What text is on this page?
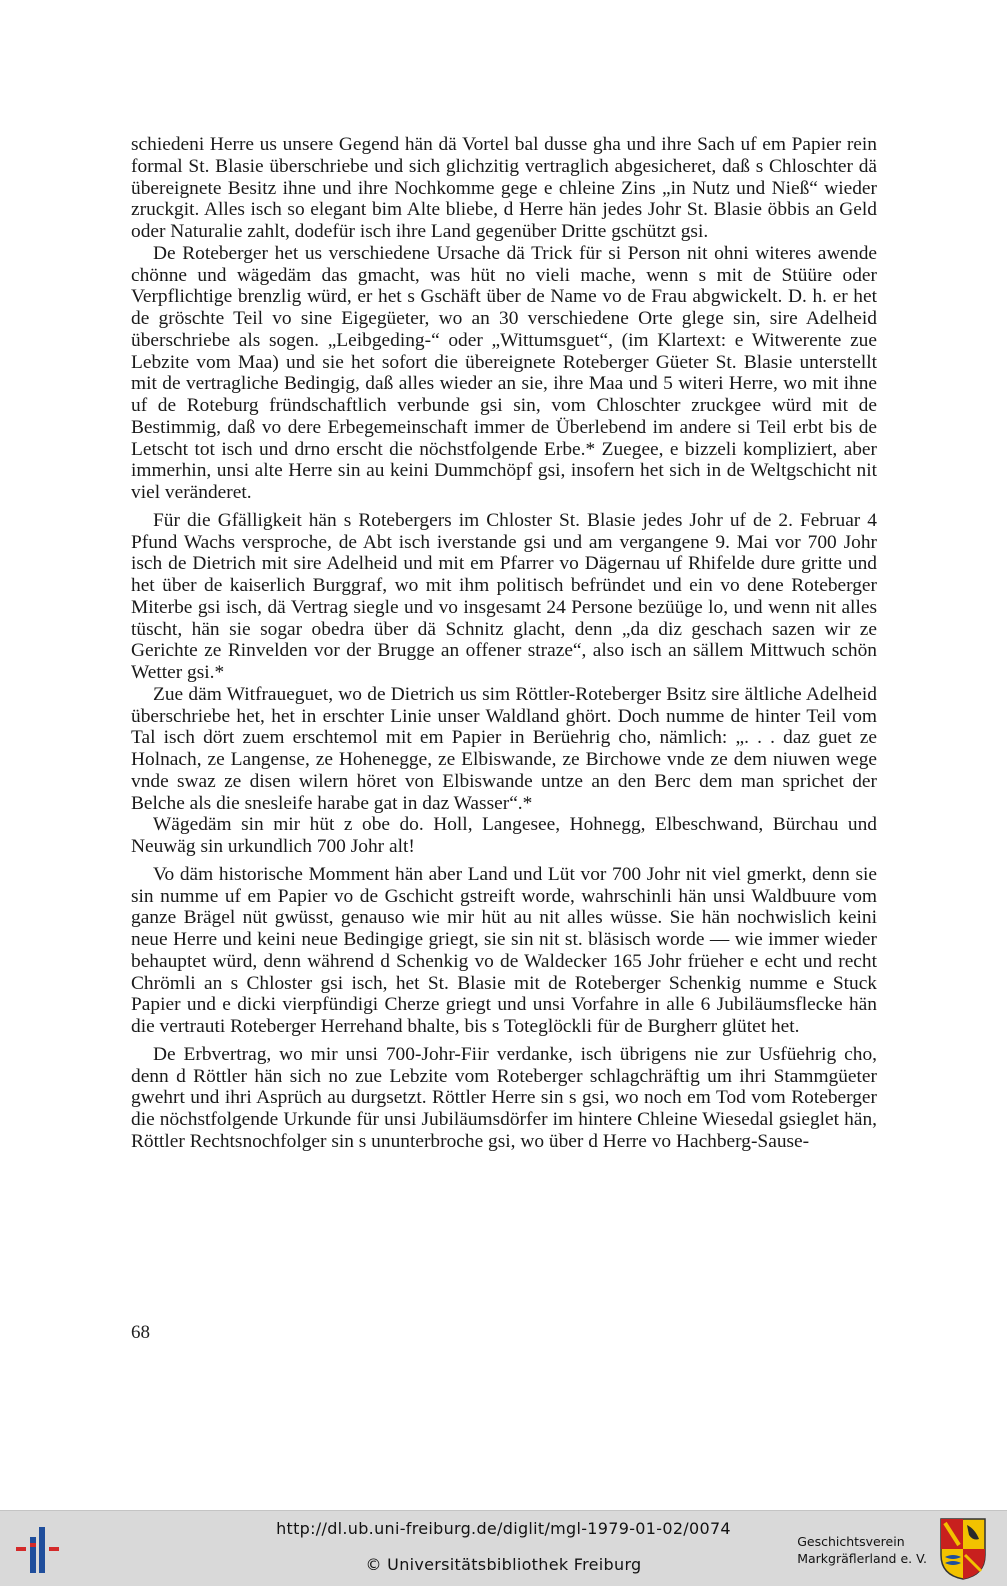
schiedeni Herre us unsere Gegend hän dä Vortel bal dusse gha und ihre Sach uf em Papier rein formal St. Blasie überschriebe und sich glichzitig vertraglich abgesicheret, daß s Chloschter dä übereignete Besitz ihne und ihre Nochkomme gege e chleine Zins „in Nutz und Nieß“ wieder zruckgit. Alles isch so elegant bim Alte bliebe, d Herre hän jedes Johr St. Blasie öbbis an Geld oder Naturalie zahlt, dodefür isch ihre Land gegenüber Dritte gschützt gsi.

De Roteberger het us verschiedene Ursache dä Trick für si Person nit ohni witeres awende chönne und wägedäm das gmacht, was hüt no vieli mache, wenn s mit de Stüüre oder Verpflichtige brenzlig würd, er het s Gschäft über de Name vo de Frau abgwickelt. D. h. er het de gröschte Teil vo sine Eigegüeter, wo an 30 verschiedene Orte glege sin, sire Adelheid überschriebe als sogen. „Leibgeding-“ oder „Wittumsguet“, (im Klartext: e Witwerente zue Lebzite vom Maa) und sie het sofort die übereignete Roteberger Güeter St. Blasie unterstellt mit de vertragliche Bedingig, daß alles wieder an sie, ihre Maa und 5 witeri Herre, wo mit ihne uf de Roteburg fründschaftlich verbunde gsi sin, vom Chloschter zruckgee würd mit de Bestimmig, daß vo dere Erbegemeinschaft immer de Überlebend im andere si Teil erbt bis de Letscht tot isch und drno erscht die nöchstfolgende Erbe.* Zuegee, e bizzeli kompliziert, aber immerhin, unsi alte Herre sin au keini Dummchöpf gsi, insofern het sich in de Weltgschicht nit viel veränderet.

Für die Gfälligkeit hän s Rotebergers im Chloster St. Blasie jedes Johr uf de 2. Februar 4 Pfund Wachs versproche, de Abt isch iverstande gsi und am vergangene 9. Mai vor 700 Johr isch de Dietrich mit sire Adelheid und mit em Pfarrer vo Dägernau uf Rhifelde dure gritte und het über de kaiserlich Burggraf, wo mit ihm politisch befründet und ein vo dene Roteberger Miterbe gsi isch, dä Vertrag siegle und vo insgesamt 24 Persone bezüüge lo, und wenn nit alles tüscht, hän sie sogar obedra über dä Schnitz glacht, denn „da diz geschach sazen wir ze Gerichte ze Rinvelden vor der Brugge an offener straze“, also isch an sällem Mittwuch schön Wetter gsi.*

Zue däm Witfraueguet, wo de Dietrich us sim Röttler-Roteberger Bsitz sire ältliche Adelheid überschriebe het, het in erschter Linie unser Waldland ghört. Doch numme de hinter Teil vom Tal isch dört zuem erschtemol mit em Papier in Berüehrig cho, nämlich: „. . . daz guet ze Holnach, ze Langense, ze Hohenegge, ze Elbiswande, ze Birchowe vnde ze dem niuwen wege vnde swaz ze disen wilern höret von Elbiswande untze an den Berc dem man sprichet der Belche als die snesleife harabe gat in daz Wasser“.*

Wägedäm sin mir hüt z obe do. Holl, Langesee, Hohnegg, Elbeschwand, Bürchau und Neuwäg sin urkundlich 700 Johr alt!

Vo däm historische Momment hän aber Land und Lüt vor 700 Johr nit viel gmerkt, denn sie sin numme uf em Papier vo de Gschicht gstreift worde, wahrschinli hän unsi Waldbuure vom ganze Brägel nüt gwüsst, genauso wie mir hüt au nit alles wüsse. Sie hän nochwislich keini neue Herre und keini neue Bedingige griegt, sie sin nit st. bläsisch worde — wie immer wieder behauptet würd, denn während d Schenkig vo de Waldecker 165 Johr früeher e echt und recht Chrömli an s Chloster gsi isch, het St. Blasie mit de Roteberger Schenkig numme e Stuck Papier und e dicki vierpfündigi Cherze griegt und unsi Vorfahre in alle 6 Jubiläumsflecke hän die vertrauti Roteberger Herrehand bhalte, bis s Toteglöckli für de Burgherr glütet het.

De Erbvertrag, wo mir unsi 700-Johr-Fiir verdanke, isch übrigens nie zur Usfüehrig cho, denn d Röttler hän sich no zue Lebzite vom Roteberger schlagchräftig um ihri Stammgüeter gwehrt und ihri Asprüch au durgsetzt. Röttler Herre sin s gsi, wo noch em Tod vom Roteberger die nöchstfolgende Urkunde für unsi Jubiläumsdörfer im hintere Chleine Wiesedal gsieglet hän, Röttler Rechtsnochfolger sin s ununterbroche gsi, wo über d Herre vo Hachberg-Sause-

68
http://dl.ub.uni-freiburg.de/diglit/mgl-1979-01-02/0074
© Universitätsbibliothek Freiburg
Geschichtsverein
Markgräflerland e. V.
